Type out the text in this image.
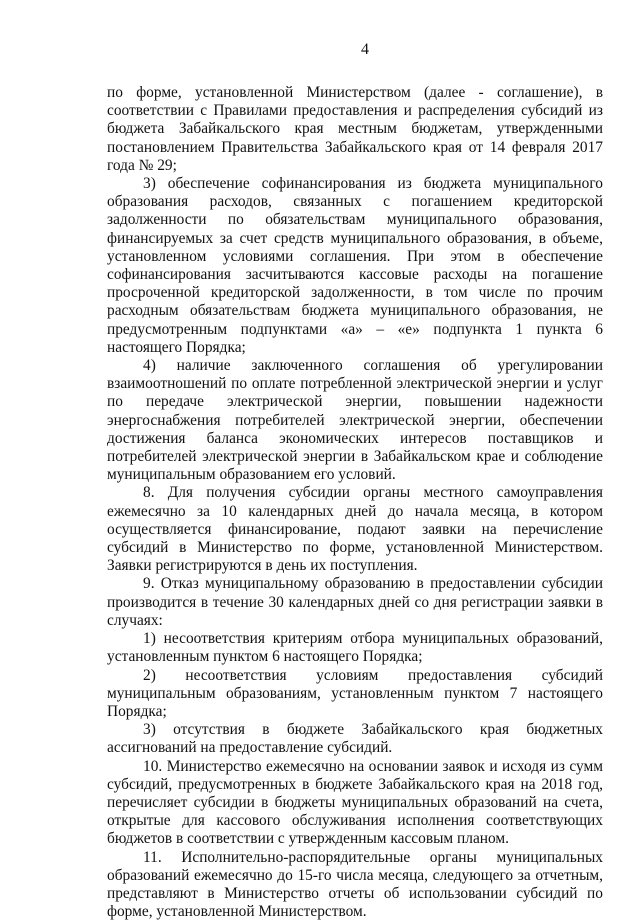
4

по форме, установленной Министерством (далее - соглашение), в соответствии с Правилами предоставления и распределения субсидий из бюджета Забайкальского края местным бюджетам, утвержденными постановлением Правительства Забайкальского края от 14 февраля 2017 года № 29;

3) обеспечение софинансирования из бюджета муниципального образования расходов, связанных с погашением кредиторской задолженности по обязательствам муниципального образования, финансируемых за счет средств муниципального образования, в объеме, установленном условиями соглашения. При этом в обеспечение софинансирования засчитываются кассовые расходы на погашение просроченной кредиторской задолженности, в том числе по прочим расходным обязательствам бюджета муниципального образования, не предусмотренным подпунктами «а» – «е» подпункта 1 пункта 6 настоящего Порядка;

4) наличие заключенного соглашения об урегулировании взаимоотношений по оплате потребленной электрической энергии и услуг по передаче электрической энергии, повышении надежности энергоснабжения потребителей электрической энергии, обеспечении достижения баланса экономических интересов поставщиков и потребителей электрической энергии в Забайкальском крае и соблюдение муниципальным образованием его условий.

8. Для получения субсидии органы местного самоуправления ежемесячно за 10 календарных дней до начала месяца, в котором осуществляется финансирование, подают заявки на перечисление субсидий в Министерство по форме, установленной Министерством. Заявки регистрируются в день их поступления.

9. Отказ муниципальному образованию в предоставлении субсидии производится в течение 30 календарных дней со дня регистрации заявки в случаях:

1) несоответствия критериям отбора муниципальных образований, установленным пунктом 6 настоящего Порядка;

2) несоответствия условиям предоставления субсидий муниципальным образованиям, установленным пунктом 7 настоящего Порядка;

3) отсутствия в бюджете Забайкальского края бюджетных ассигнований на предоставление субсидий.

10. Министерство ежемесячно на основании заявок и исходя из сумм субсидий, предусмотренных в бюджете Забайкальского края на 2018 год, перечисляет субсидии в бюджеты муниципальных образований на счета, открытые для кассового обслуживания исполнения соответствующих бюджетов в соответствии с утвержденным кассовым планом.

11. Исполнительно-распорядительные органы муниципальных образований ежемесячно до 15-го числа месяца, следующего за отчетным, представляют в Министерство отчеты об использовании субсидий по форме, установленной Министерством.
